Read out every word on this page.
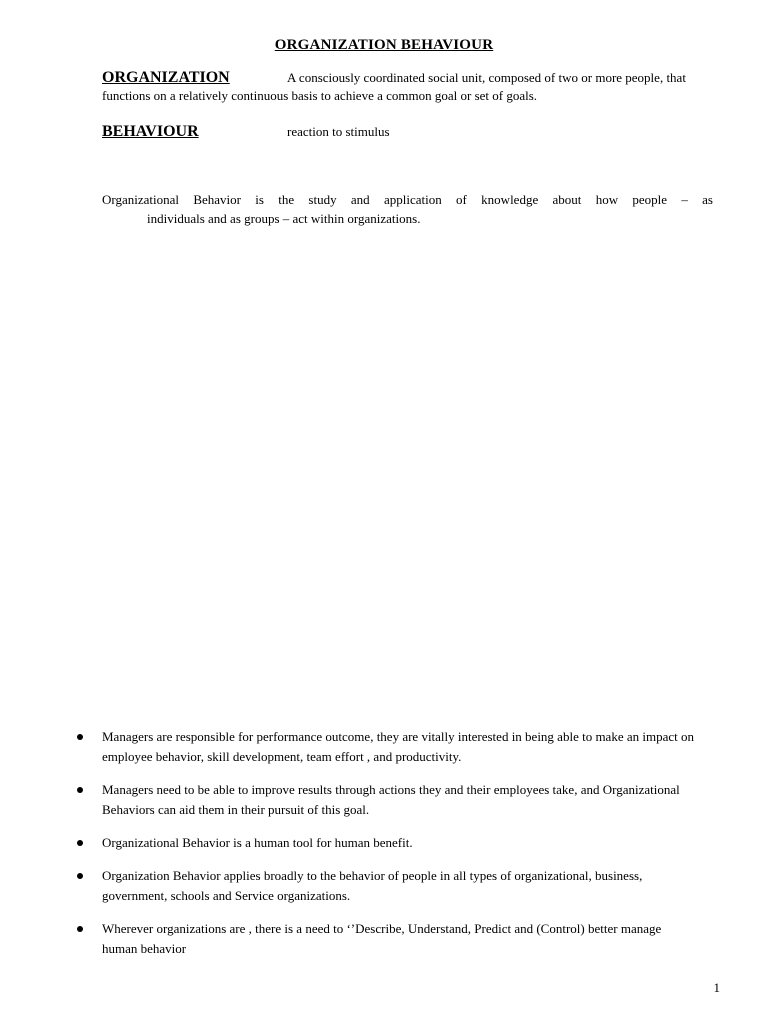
ORGANIZATION BEHAVIOUR
ORGANIZATION	A consciously coordinated social unit, composed of two or more people, that functions on a relatively continuous basis to achieve a common goal or set of goals.
BEHAVIOUR	reaction to stimulus
Organizational Behavior is the study and application of knowledge about how people – as
individuals and as groups – act within organizations.
Managers are responsible for performance outcome, they are vitally interested in being able to make an impact on employee behavior, skill development, team effort , and productivity.
Managers need to be able to improve results through actions they and their employees take, and Organizational Behaviors can aid them in their pursuit of this goal.
Organizational Behavior is a human tool for human benefit.
Organization Behavior applies broadly to the behavior of people in all types of organizational, business, government, schools and Service organizations.
Wherever organizations are , there is a need to ‘’Describe, Understand, Predict and (Control) better manage human behavior
1
